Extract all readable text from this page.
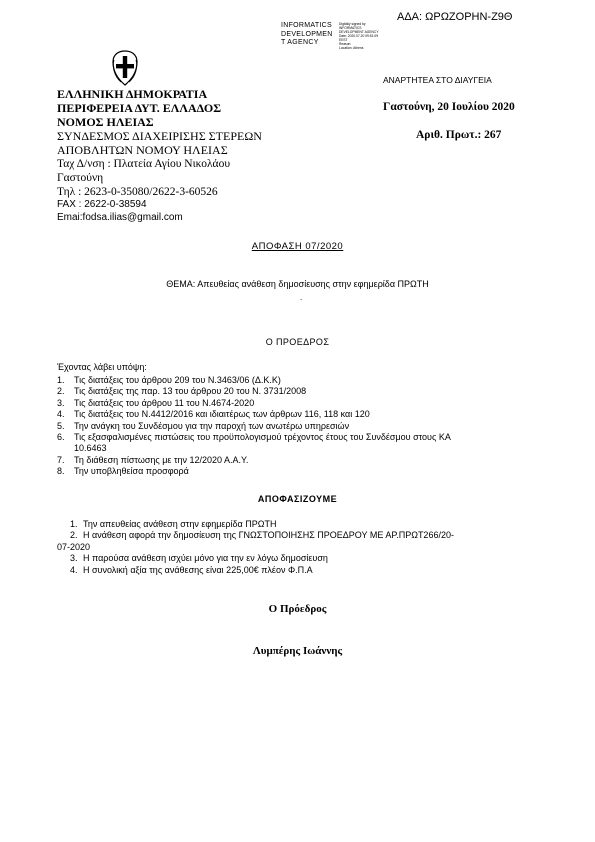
ΑΔΑ: ΩΡΩΖΟΡΗΝ-Ζ9Θ
INFORMATICS
DEVELOPMEN
T AGENCY
Digitally signed by
INFORMATICS
DEVELOPMENT AGENCY
Date: 2020.07.20 09:51:09
EEST
Reason:
Location: Athens
ΕΛΛΗΝΙΚΗ ΔΗΜΟΚΡΑΤΙΑ
ΠΕΡΙΦΕΡΕΙΑ ΔΥΤ. ΕΛΛΑΔΟΣ
ΝΟΜΟΣ ΗΛΕΙΑΣ
ΣΥΝΔΕΣΜΟΣ ΔΙΑΧΕΙΡΙΣΗΣ ΣΤΕΡΕΩΝ
ΑΠΟΒΛΗΤΩΝ ΝΟΜΟΥ ΗΛΕΙΑΣ
Ταχ Δ/νση : Πλατεία Αγίου Νικολάου
Γαστούνη
Τηλ : 2623-0-35080/2622-3-60526
FAX : 2622-0-38594
Emai:fodsa.ilias@gmail.com
ΑΝΑΡΤΗΤΕΑ ΣΤΟ ΔΙΑΥΓΕΙΑ
Γαστούνη, 20 Ιουλίου 2020
Αριθ. Πρωτ.: 267
ΑΠΟΦΑΣΗ 07/2020
ΘΕΜΑ: Απευθείας ανάθεση δημοσίευσης στην εφημερίδα ΠΡΩΤΗ
.
Ο ΠΡΟΕΔΡΟΣ
Έχοντας λάβει υπόψη:
1. Τις διατάξεις του άρθρου 209 του Ν.3463/06 (Δ.Κ.Κ)
2. Τις διατάξεις της παρ. 13 του άρθρου 20 του Ν. 3731/2008
3. Τις διατάξεις του άρθρου 11 του Ν.4674-2020
4. Τις διατάξεις του Ν.4412/2016 και ιδιαιτέρως των άρθρων 116, 118 και 120
5. Την ανάγκη του Συνδέσμου για την παροχή των ανωτέρω υπηρεσιών
6. Τις εξασφαλισμένες πιστώσεις του προϋπολογισμού τρέχοντος έτους του Συνδέσμου στους ΚΑ
10.6463
7. Τη διάθεση πίστωσης με την 12/2020 Α.Α.Υ.
8. Την υποβληθείσα προσφορά
ΑΠΟΦΑΣΙΖΟΥΜΕ
1. Την απευθείας ανάθεση στην εφημερίδα ΠΡΩΤΗ
2. Η ανάθεση αφορά την δημοσίευση της ΓΝΩΣΤΟΠΟΙΗΣΗΣ ΠΡΟΕΔΡΟΥ ΜΕ ΑΡ.ΠΡΩΤ266/20-

07-2020
3. Η παρούσα ανάθεση ισχύει μόνο για την εν λόγω δημοσίευση
4. Η συνολική αξία της ανάθεσης είναι 225,00€ πλέον Φ.Π.Α
Ο Πρόεδρος
Λυμπέρης Ιωάννης
